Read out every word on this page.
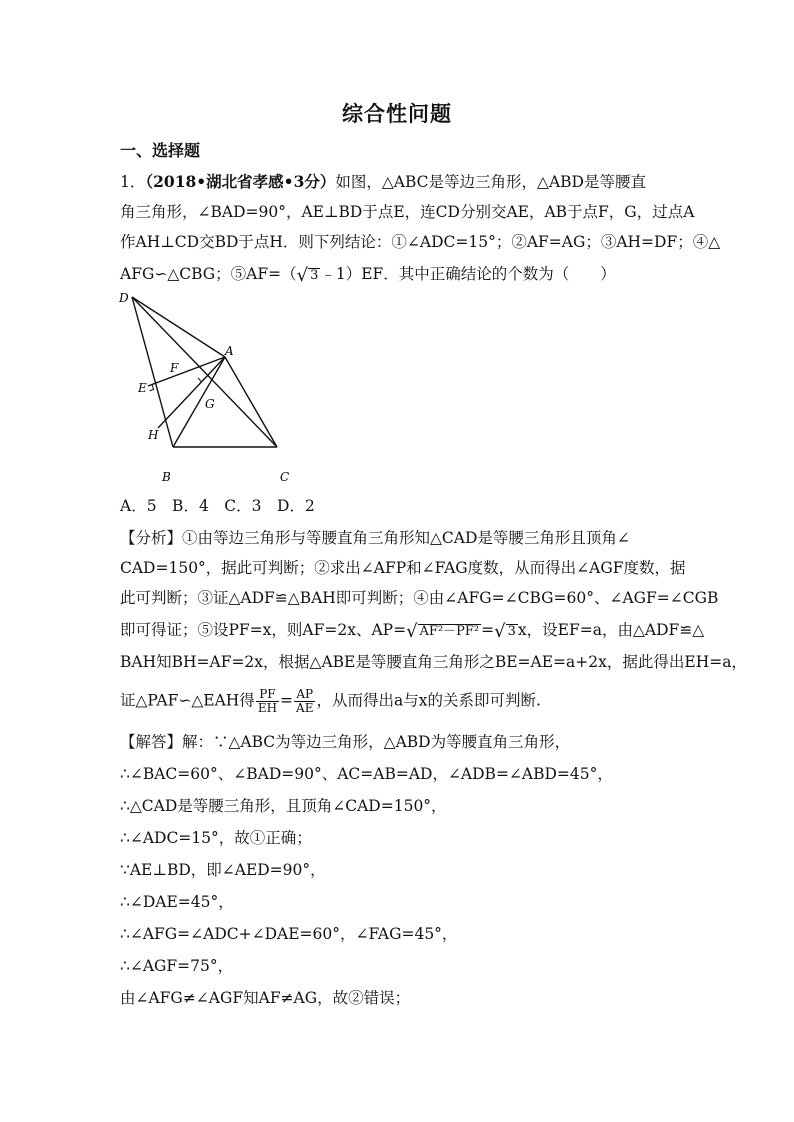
综合性问题
一、选择题
1．（2018•湖北省孝感•3分）如图，△ABC是等边三角形，△ABD是等腰直
角三角形，∠BAD=90°，AE⊥BD于点E，连CD分别交AE，AB于点F，G，过点A
作AH⊥CD交BD于点H．则下列结论：①∠ADC=15°；②AF=AG；③AH=DF；④△
AFG∽△CBG；⑤AF=（√ 3 ﹣1）EF．其中正确结论的个数为（　　）
D
A
F
E
G
H
B	C
A．5　B．4　C．3　D．2
【分析】①由等边三角形与等腰直角三角形知△CAD是等腰三角形且顶角∠
CAD=150°，据此可判断；②求出∠AFP和∠FAG度数，从而得出∠AGF度数，据
此可判断；③证△ADF≌△BAH即可判断；④由∠AFG=∠CBG=60°、∠AGF=∠CGB
即可得证；⑤设PF=x，则AF=2x、AP=√ AF²－PF² =√ 3 x，设EF=a，由△ADF≌△
BAH知BH=AF=2x，根据△ABE是等腰直角三角形之BE=AE=a+2x，据此得出EH=a，
证△PAF∽△EAH得 $\frac{PF}{EH} = \frac{AP}{AE}$ ，从而得出a与x的关系即可判断.
【解答】解：∵△ABC为等边三角形，△ABD为等腰直角三角形，
∴∠BAC=60°、∠BAD=90°、AC=AB=AD，∠ADB=∠ABD=45°，
∴△CAD是等腰三角形，且顶角∠CAD=150°，
∴∠ADC=15°，故①正确；
∵AE⊥BD，即∠AED=90°，
∴∠DAE=45°，
∴∠AFG=∠ADC+∠DAE=60°，∠FAG=45°，
∴∠AGF=75°，
由∠AFG≠∠AGF知AF≠AG，故②错误；
